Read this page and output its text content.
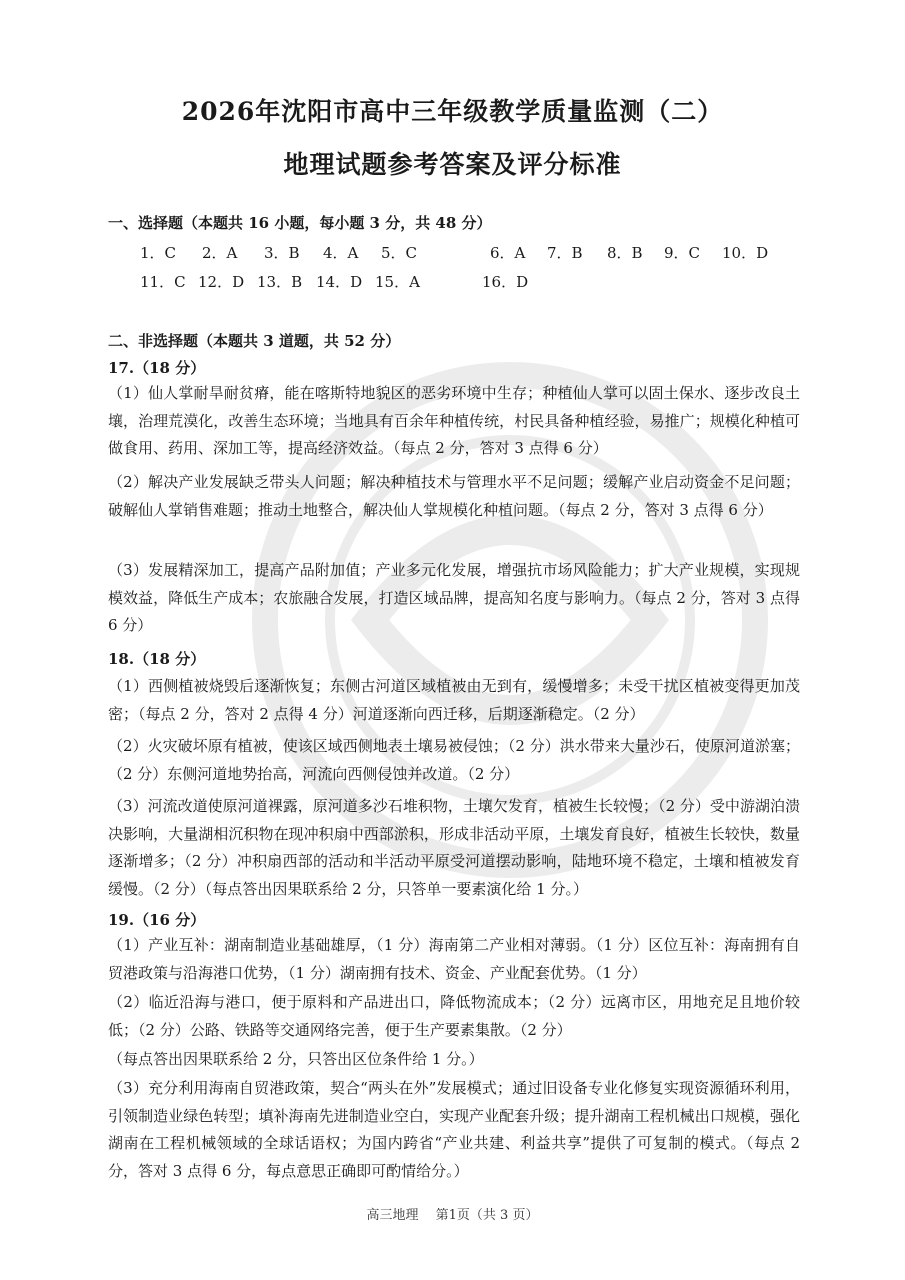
2026年沈阳市高中三年级教学质量监测（二）
地理试题参考答案及评分标准
一、选择题（本题共 16 小题，每小题 3 分，共 48 分）
1．C 2．A 3．B 4．A 5．C	6．A 7．B 8．B 9．C 10．D
11．C 12．D 13．B 14．D 15．A	16．D
二、非选择题（本题共 3 道题，共 52 分）
17.（18 分）
（1）仙人掌耐旱耐贫瘠，能在喀斯特地貌区的恶劣环境中生存；种植仙人掌可以固土保水、逐步改良土壤，治理荒漠化，改善生态环境；当地具有百余年种植传统，村民具备种植经验，易推广；规模化种植可做食用、药用、深加工等，提高经济效益。（每点 2 分，答对 3 点得 6 分）
（2）解决产业发展缺乏带头人问题；解决种植技术与管理水平不足问题；缓解产业启动资金不足问题；破解仙人掌销售难题；推动土地整合，解决仙人掌规模化种植问题。（每点 2 分，答对 3 点得 6 分）
（3）发展精深加工，提高产品附加值；产业多元化发展，增强抗市场风险能力；扩大产业规模，实现规模效益，降低生产成本；农旅融合发展，打造区域品牌，提高知名度与影响力。（每点 2 分，答对 3 点得 6 分）
18.（18 分）
（1）西侧植被烧毁后逐渐恢复；东侧古河道区域植被由无到有，缓慢增多；未受干扰区植被变得更加茂密；（每点 2 分，答对 2 点得 4 分）河道逐渐向西迁移，后期逐渐稳定。（2 分）
（2）火灾破坏原有植被，使该区域西侧地表土壤易被侵蚀；（2 分）洪水带来大量沙石，使原河道淤塞；（2 分）东侧河道地势抬高，河流向西侧侵蚀并改道。（2 分）
（3）河流改道使原河道裸露，原河道多沙石堆积物，土壤欠发育，植被生长较慢；（2 分）受中游湖泊溃决影响，大量湖相沉积物在现冲积扇中西部淤积，形成非活动平原，土壤发育良好，植被生长较快，数量逐渐增多；（2 分）冲积扇西部的活动和半活动平原受河道摆动影响，陆地环境不稳定，土壤和植被发育缓慢。（2 分）（每点答出因果联系给 2 分，只答单一要素演化给 1 分。）
19.（16 分）
（1）产业互补：湖南制造业基础雄厚，（1 分）海南第二产业相对薄弱。（1 分）区位互补：海南拥有自贸港政策与沿海港口优势，（1 分）湖南拥有技术、资金、产业配套优势。（1 分）
（2）临近沿海与港口，便于原料和产品进出口，降低物流成本；（2 分）远离市区，用地充足且地价较低；（2 分）公路、铁路等交通网络完善，便于生产要素集散。（2 分）
（每点答出因果联系给 2 分，只答出区位条件给 1 分。）
（3）充分利用海南自贸港政策，契合“两头在外”发展模式；通过旧设备专业化修复实现资源循环利用，引领制造业绿色转型；填补海南先进制造业空白，实现产业配套升级；提升湖南工程机械出口规模，强化湖南在工程机械领域的全球话语权；为国内跨省“产业共建、利益共享”提供了可复制的模式。（每点 2 分，答对 3 点得 6 分，每点意思正确即可酌情给分。）
高三地理　 第1页（共 3 页）
